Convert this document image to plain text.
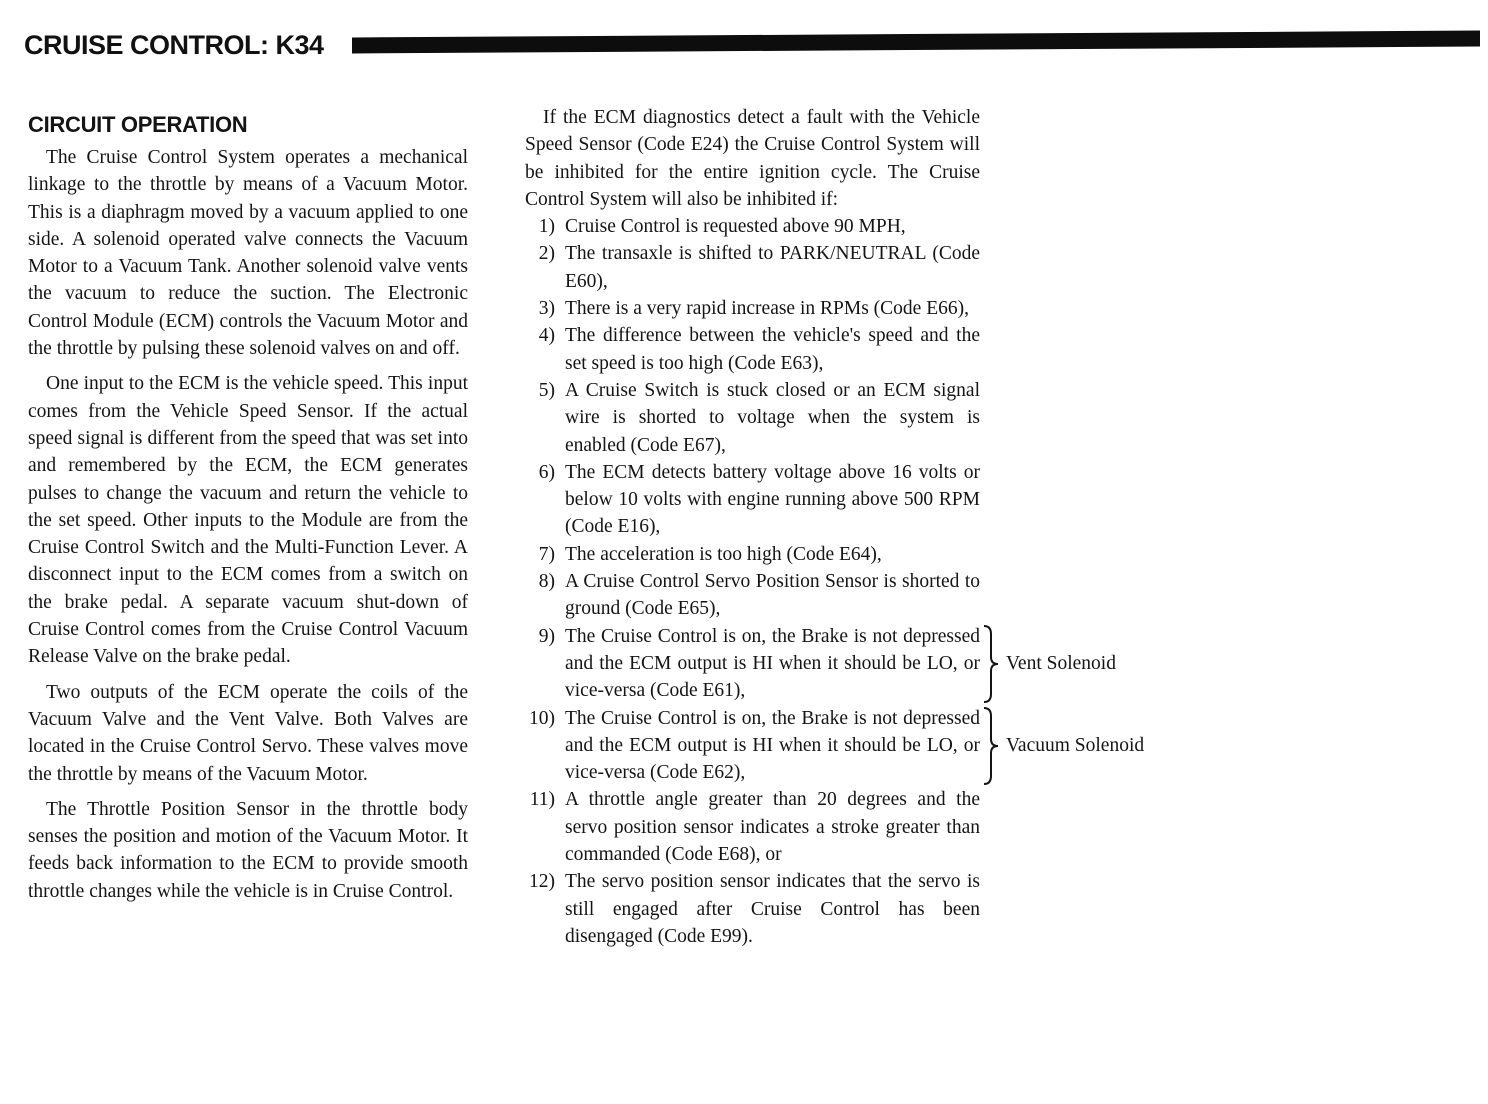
CRUISE CONTROL: K34
CIRCUIT OPERATION

The Cruise Control System operates a mechanical linkage to the throttle by means of a Vacuum Motor. This is a diaphragm moved by a vacuum applied to one side. A solenoid operated valve connects the Vacuum Motor to a Vacuum Tank. Another solenoid valve vents the vacuum to reduce the suction. The Electronic Control Module (ECM) controls the Vacuum Motor and the throttle by pulsing these solenoid valves on and off.

One input to the ECM is the vehicle speed. This input comes from the Vehicle Speed Sensor. If the actual speed signal is different from the speed that was set into and remembered by the ECM, the ECM generates pulses to change the vacuum and return the vehicle to the set speed. Other inputs to the Module are from the Cruise Control Switch and the Multi-Function Lever. A disconnect input to the ECM comes from a switch on the brake pedal. A separate vacuum shut-down of Cruise Control comes from the Cruise Control Vacuum Release Valve on the brake pedal.

Two outputs of the ECM operate the coils of the Vacuum Valve and the Vent Valve. Both Valves are located in the Cruise Control Servo. These valves move the throttle by means of the Vacuum Motor.

The Throttle Position Sensor in the throttle body senses the position and motion of the Vacuum Motor. It feeds back information to the ECM to provide smooth throttle changes while the vehicle is in Cruise Control.

If the ECM diagnostics detect a fault with the Vehicle Speed Sensor (Code E24) the Cruise Control System will be inhibited for the entire ignition cycle. The Cruise Control System will also be inhibited if:

1) Cruise Control is requested above 90 MPH,
2) The transaxle is shifted to PARK/NEUTRAL (Code E60),
3) There is a very rapid increase in RPMs (Code E66),
4) The difference between the vehicle's speed and the set speed is too high (Code E63),
5) A Cruise Switch is stuck closed or an ECM signal wire is shorted to voltage when the system is enabled (Code E67),
6) The ECM detects battery voltage above 16 volts or below 10 volts with engine running above 500 RPM (Code E16),
7) The acceleration is too high (Code E64),
8) A Cruise Control Servo Position Sensor is shorted to ground (Code E65),
9) The Cruise Control is on, the Brake is not depressed and the ECM output is HI when it should be LO, or vice-versa (Code E61),
10) The Cruise Control is on, the Brake is not depressed and the ECM output is HI when it should be LO, or vice-versa (Code E62),
11) A throttle angle greater than 20 degrees and the servo position sensor indicates a stroke greater than commanded (Code E68), or
12) The servo position sensor indicates that the servo is still engaged after Cruise Control has been disengaged (Code E99).
Vent Solenoid
Vacuum Solenoid
